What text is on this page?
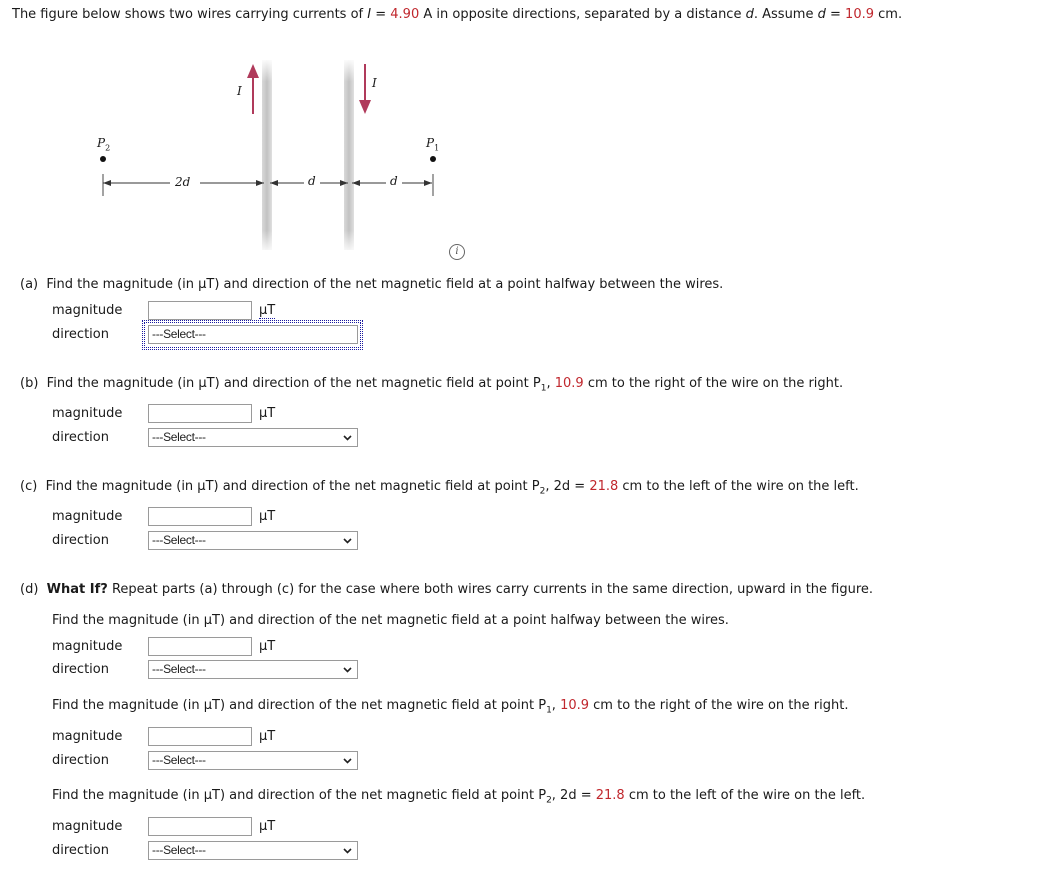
The figure below shows two wires carrying currents of I = 4.90 A in opposite directions, separated by a distance d. Assume d = 10.9 cm.
I
I
$P_2$	$P_1$
2d	d	d
i
(a) Find the magnitude (in μT) and direction of the net magnetic field at a point halfway between the wires.
magnitude	μT
direction	---Select---
(b) Find the magnitude (in μT) and direction of the net magnetic field at point $P_1$, 10.9 cm to the right of the wire on the right.
magnitude	μT
direction	---Select---
(c) Find the magnitude (in μT) and direction of the net magnetic field at point $P_2$, 2d = 21.8 cm to the left of the wire on the left.
magnitude	μT
direction	---Select---
(d) What If? Repeat parts (a) through (c) for the case where both wires carry currents in the same direction, upward in the figure.
Find the magnitude (in μT) and direction of the net magnetic field at a point halfway between the wires.
magnitude	μT
direction	---Select---
Find the magnitude (in μT) and direction of the net magnetic field at point $P_1$, 10.9 cm to the right of the wire on the right.
magnitude	μT
direction	---Select---
Find the magnitude (in μT) and direction of the net magnetic field at point $P_2$, 2d = 21.8 cm to the left of the wire on the left.
magnitude	μT
direction	---Select---
